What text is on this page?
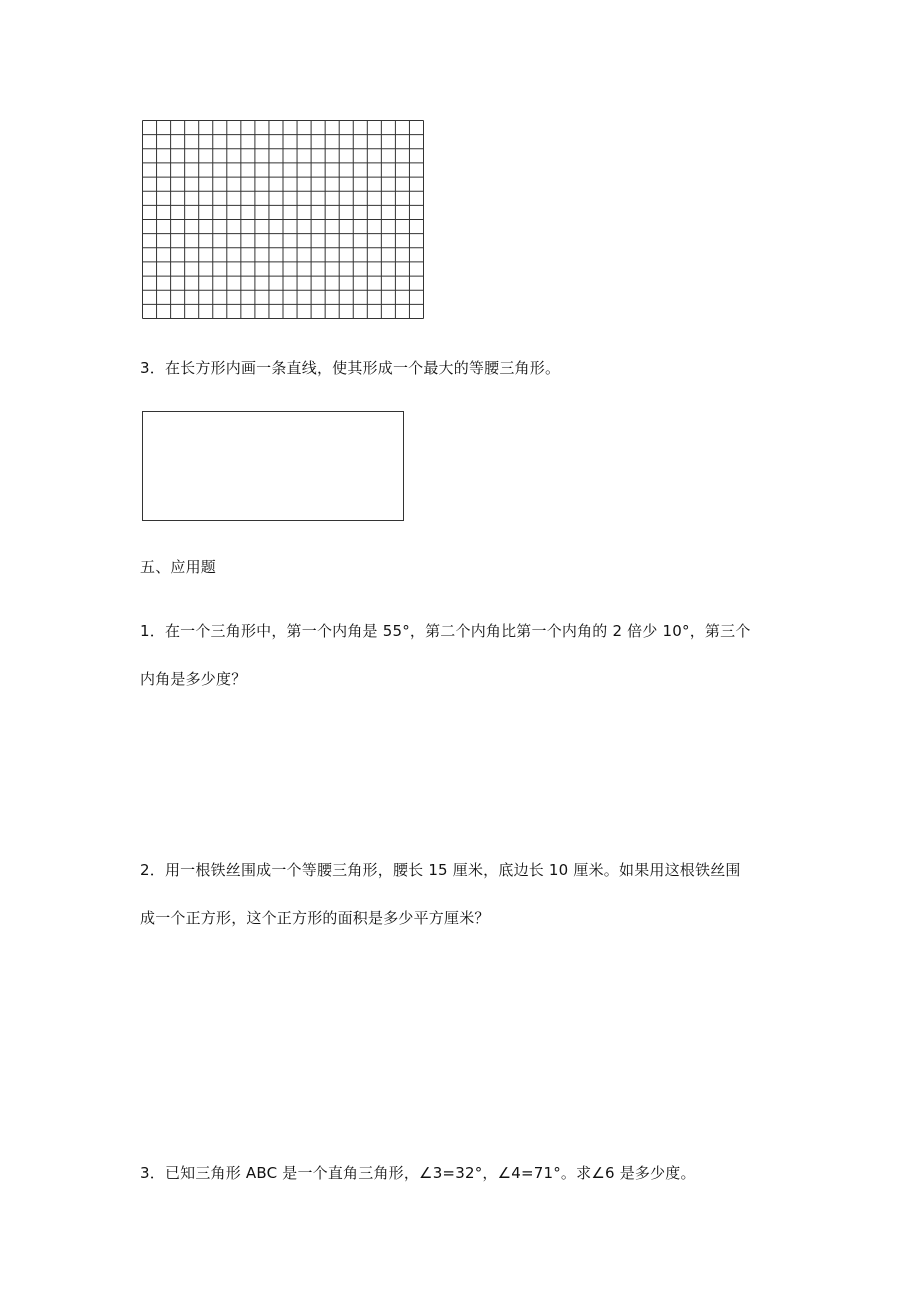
3．在长方形内画一条直线，使其形成一个最大的等腰三角形。
五、应用题
1．在一个三角形中，第一个内角是 55°，第二个内角比第一个内角的 2 倍少 10°，第三个
内角是多少度？
2．用一根铁丝围成一个等腰三角形，腰长 15 厘米，底边长 10 厘米。如果用这根铁丝围
成一个正方形，这个正方形的面积是多少平方厘米？
3．已知三角形 ABC 是一个直角三角形，∠3=32°，∠4=71°。求∠6 是多少度。
